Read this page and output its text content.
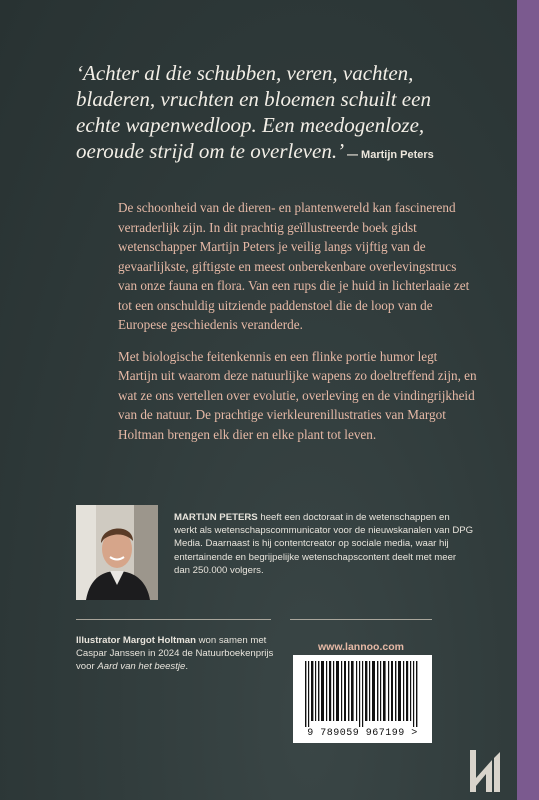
‘Achter al die schubben, veren, vachten,
bladeren, vruchten en bloemen schuilt een
echte wapenwedloop. Een meedogenloze,
oeroude strijd om te overleven.’ — Martijn Peters

De schoonheid van de dieren- en plantenwereld kan fascinerend verraderlijk zijn. In dit prachtig geïllustreerde boek gidst wetenschapper Martijn Peters je veilig langs vijftig van de gevaarlijkste, giftigste en meest onberekenbare overlevingstrucs van onze fauna en flora. Van een rups die je huid in lichterlaaie zet tot een onschuldig uitziende paddenstoel die de loop van de Europese geschiedenis veranderde.

Met biologische feitenkennis en een flinke portie humor legt Martijn uit waarom deze natuurlijke wapens zo doeltreffend zijn, en wat ze ons vertellen over evolutie, overleving en de vindingrijkheid van de natuur. De prachtige vierkleurenillustraties van Margot Holtman brengen elk dier en elke plant tot leven.

MARTIJN PETERS heeft een doctoraat in de wetenschappen en werkt als wetenschapscommunicator voor de nieuwskanalen van DPG Media. Daarnaast is hij contentcreator op sociale media, waar hij entertainende en begrijpelijke wetenschapscontent deelt met meer dan 250.000 volgers.
Illustrator Margot Holtman won samen met Caspar Janssen in 2024 de Natuurboekenprijs voor Aard van het beestje.
www.lannoo.com
9 789059 967199 >
